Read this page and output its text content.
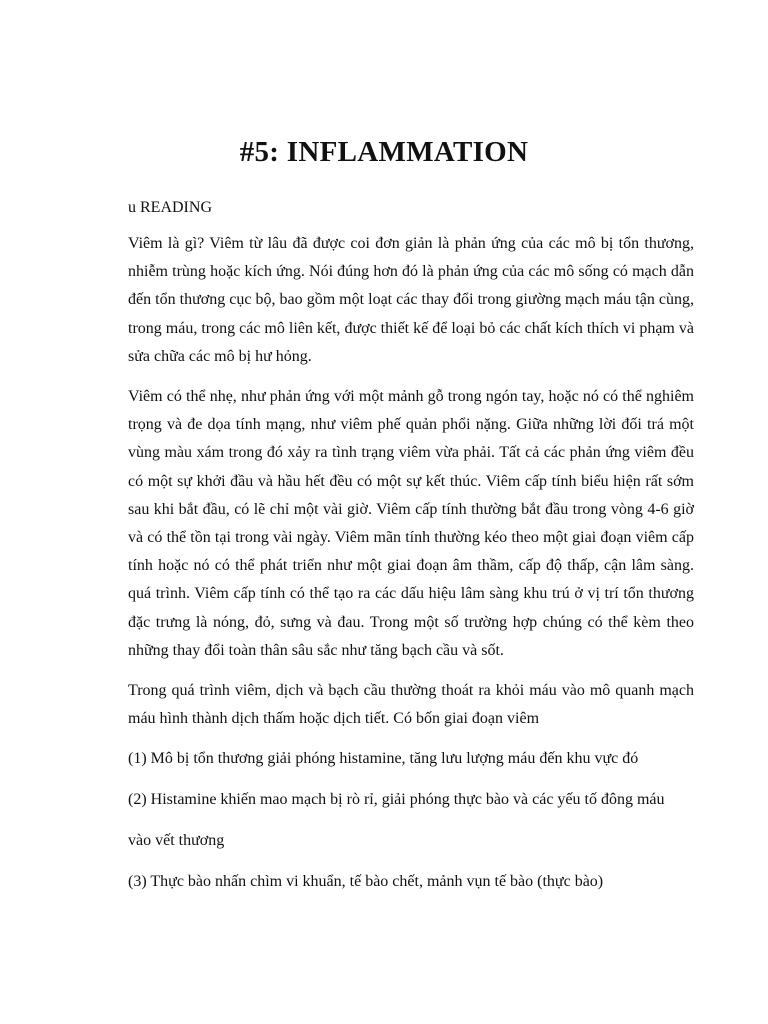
#5: INFLAMMATION

u READING

Viêm là gì? Viêm từ lâu đã được coi đơn giản là phản ứng của các mô bị tổn thương, nhiễm trùng hoặc kích ứng. Nói đúng hơn đó là phản ứng của các mô sống có mạch dẫn đến tổn thương cục bộ, bao gồm một loạt các thay đổi trong giường mạch máu tận cùng, trong máu, trong các mô liên kết, được thiết kế để loại bỏ các chất kích thích vi phạm và sửa chữa các mô bị hư hỏng.

Viêm có thể nhẹ, như phản ứng với một mảnh gỗ trong ngón tay, hoặc nó có thể nghiêm trọng và đe dọa tính mạng, như viêm phế quản phổi nặng. Giữa những lời đối trá một vùng màu xám trong đó xảy ra tình trạng viêm vừa phải. Tất cả các phản ứng viêm đều có một sự khởi đầu và hầu hết đều có một sự kết thúc. Viêm cấp tính biểu hiện rất sớm sau khi bắt đầu, có lẽ chỉ một vài giờ. Viêm cấp tính thường bắt đầu trong vòng 4-6 giờ và có thể tồn tại trong vài ngày. Viêm mãn tính thường kéo theo một giai đoạn viêm cấp tính hoặc nó có thể phát triển như một giai đoạn âm thầm, cấp độ thấp, cận lâm sàng. quá trình. Viêm cấp tính có thể tạo ra các dấu hiệu lâm sàng khu trú ở vị trí tổn thương đặc trưng là nóng, đỏ, sưng và đau. Trong một số trường hợp chúng có thể kèm theo những thay đổi toàn thân sâu sắc như tăng bạch cầu và sốt.

Trong quá trình viêm, dịch và bạch cầu thường thoát ra khỏi máu vào mô quanh mạch máu hình thành dịch thấm hoặc dịch tiết. Có bốn giai đoạn viêm

(1) Mô bị tổn thương giải phóng histamine, tăng lưu lượng máu đến khu vực đó

(2) Histamine khiến mao mạch bị rò rỉ, giải phóng thực bào và các yếu tố đông máu

vào vết thương

(3) Thực bào nhấn chìm vi khuẩn, tế bào chết, mảnh vụn tế bào (thực bào)
